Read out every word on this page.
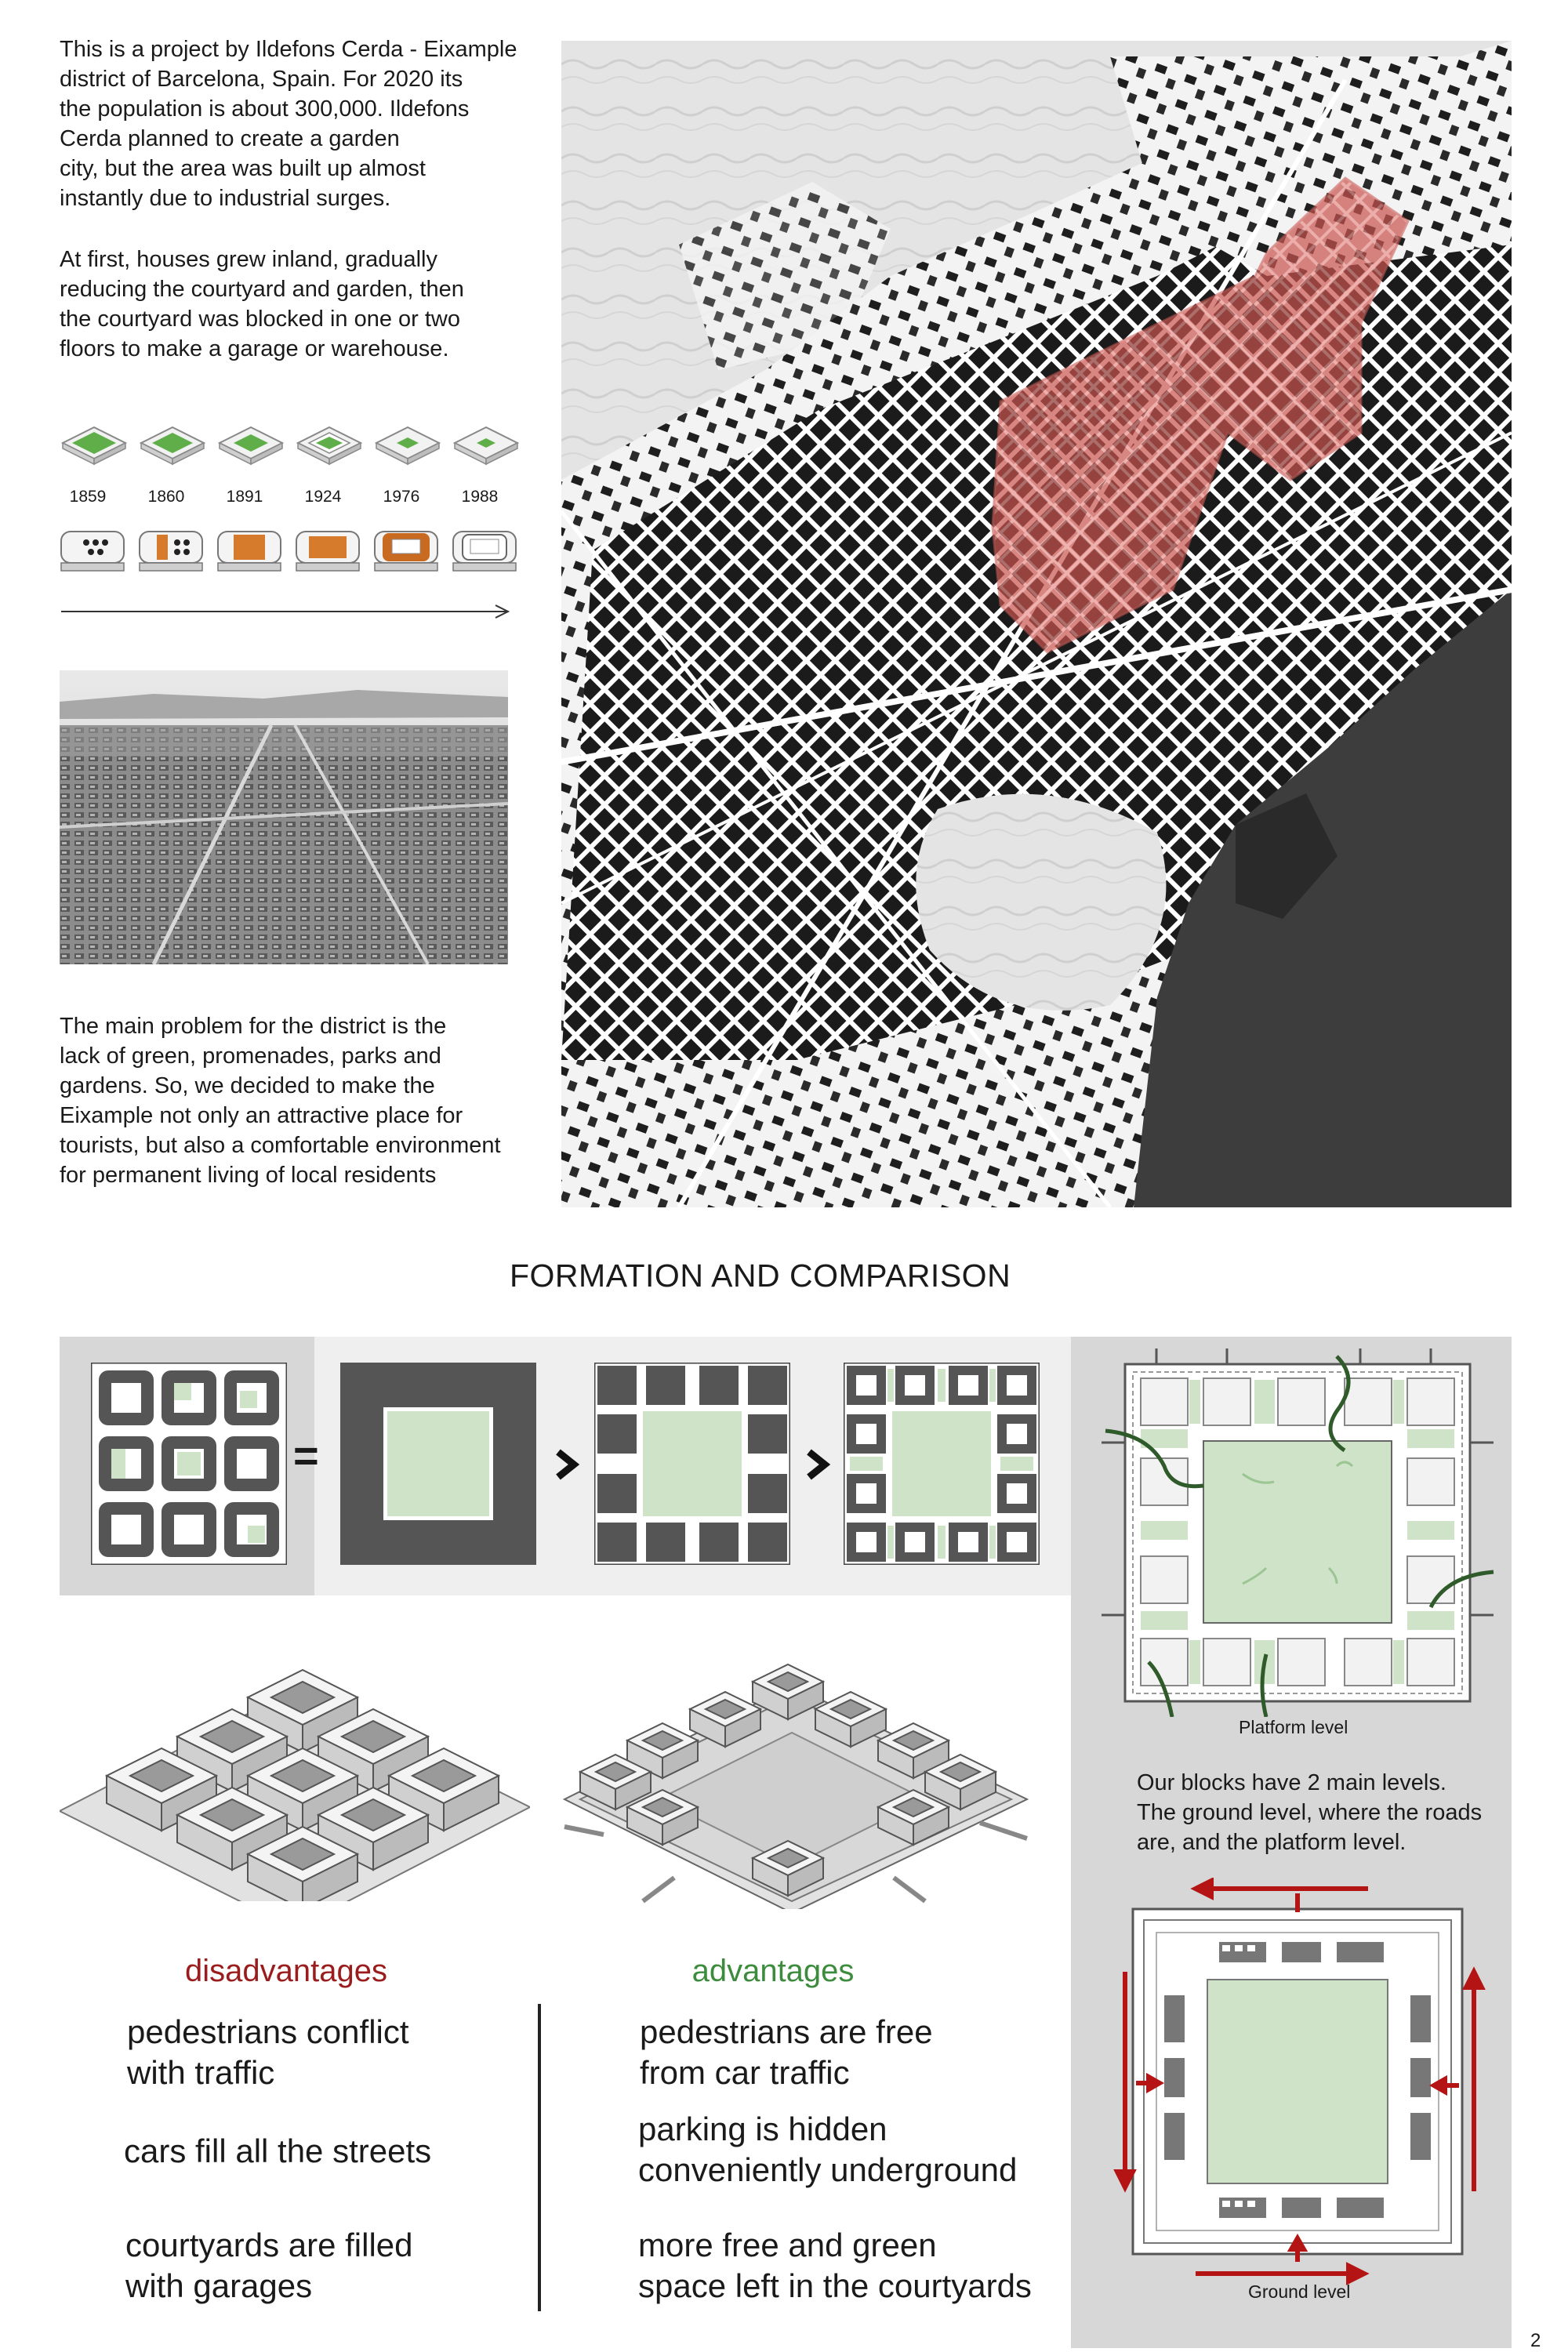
This is a project by Ildefons Cerda - Eixample
district of Barcelona, Spain. For 2020 its
the population is about 300,000. Ildefons
Cerda planned to create a garden
city, but the area was built up almost
instantly due to industrial surges.
At first, houses grew inland, gradually
reducing the courtyard and garden, then
the courtyard was blocked in one or two
floors to make a garage or warehouse.
1859	1860	1891	1924	1976	1988
The main problem for the district is the
lack of green, promenades, parks and
gardens. So, we decided to make the
Eixample not only an attractive place for
tourists, but also a comfortable environment
for permanent living of local residents
FORMATION AND COMPARISON
=
Platform level
Our blocks have 2 main levels.
The ground level, where the roads
are, and the platform level.
Ground level
disadvantages	advantages
pedestrians conflict
with traffic
cars fill all the streets
courtyards are filled
with garages
pedestrians are free
from car traffic
parking is hidden
conveniently underground
more free and green
space left in the courtyards
2
